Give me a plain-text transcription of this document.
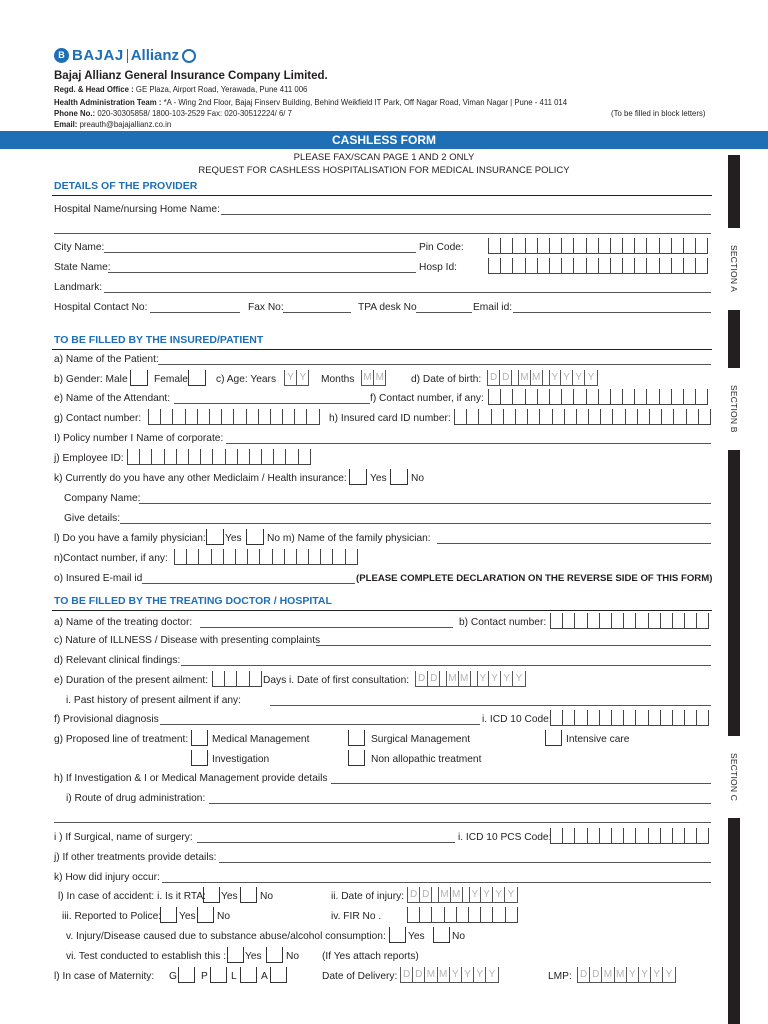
B BAJAJ Allianz
Bajaj Allianz General Insurance Company Limited.
Regd. & Head Office : GE Plaza, Airport Road, Yerawada, Pune 411 006
Health Administration Team : *A - Wing 2nd Floor, Bajaj Finserv Building, Behind Weikfield IT Park, Off Nagar Road, Viman Nagar | Pune - 411 014
Phone No.: 020-30305858/ 1800-103-2529 Fax: 020-30512224/ 6/ 7
Email: preauth@bajajallianz.co.in
(To be filled in block letters)
CASHLESS FORM
PLEASE FAX/SCAN PAGE 1 AND 2 ONLY
REQUEST FOR CASHLESS HOSPITALISATION FOR MEDICAL INSURANCE POLICY
SECTION A
SECTION B
SECTION C
DETAILS OF THE PROVIDER
Hospital Name/nursing Home Name:
City Name:	Pin Code:
State Name:	Hosp Id:
Landmark:
Hospital Contact No:	Fax No:	TPA desk No	Email id:
TO BE FILLED BY THE INSURED/PATIENT
a) Name of the Patient:
b) Gender: Male	Female	c) Age: Years Y Y	Months M M	d) Date of birth: D D M M Y Y Y Y
e) Name of the Attendant:	f) Contact number, if any:
g) Contact number:	h) Insured card ID number:
I) Policy number I Name of corporate:
j) Employee ID:
k) Currently do you have any other Mediclaim / Health insurance: Yes No
Company Name:
Give details:
l) Do you have a family physician: Yes No m) Name of the family physician:
n)Contact number, if any:
o) Insured E-mail id	(PLEASE COMPLETE DECLARATION ON THE REVERSE SIDE OF THIS FORM)
TO BE FILLED BY THE TREATING DOCTOR / HOSPITAL
a) Name of the treating doctor:	b) Contact number:
c) Nature of ILLNESS / Disease with presenting complaints
d) Relevant clinical findings:
e) Duration of the present ailment:	Days i. Date of first consultation: D D M M Y Y Y Y
i. Past history of present ailment if any:
f) Provisional diagnosis	i. ICD 10 Code:
g) Proposed line of treatment: Medical Management	Surgical Management	Intensive care
Investigation	Non allopathic treatment
h) If Investigation & I or Medical Management provide details
i) Route of drug administration:
i ) If Surgical, name of surgery:	i. ICD 10 PCS Code:
j) If other treatments provide details:
k) How did injury occur:
l) In case of accident: i. Is it RTA: Yes No	ii. Date of injury: D D M M Y Y Y Y
iii. Reported to Police: Yes No	iv. FIR No .
v. Injury/Disease caused due to substance abuse/alcohol consumption: Yes	No
vi. Test conducted to establish this : Yes No (If Yes attach reports)
l) In case of Maternity: G P L A	Date of Delivery: D D M M Y Y Y Y	LMP: D D M M Y Y Y Y
